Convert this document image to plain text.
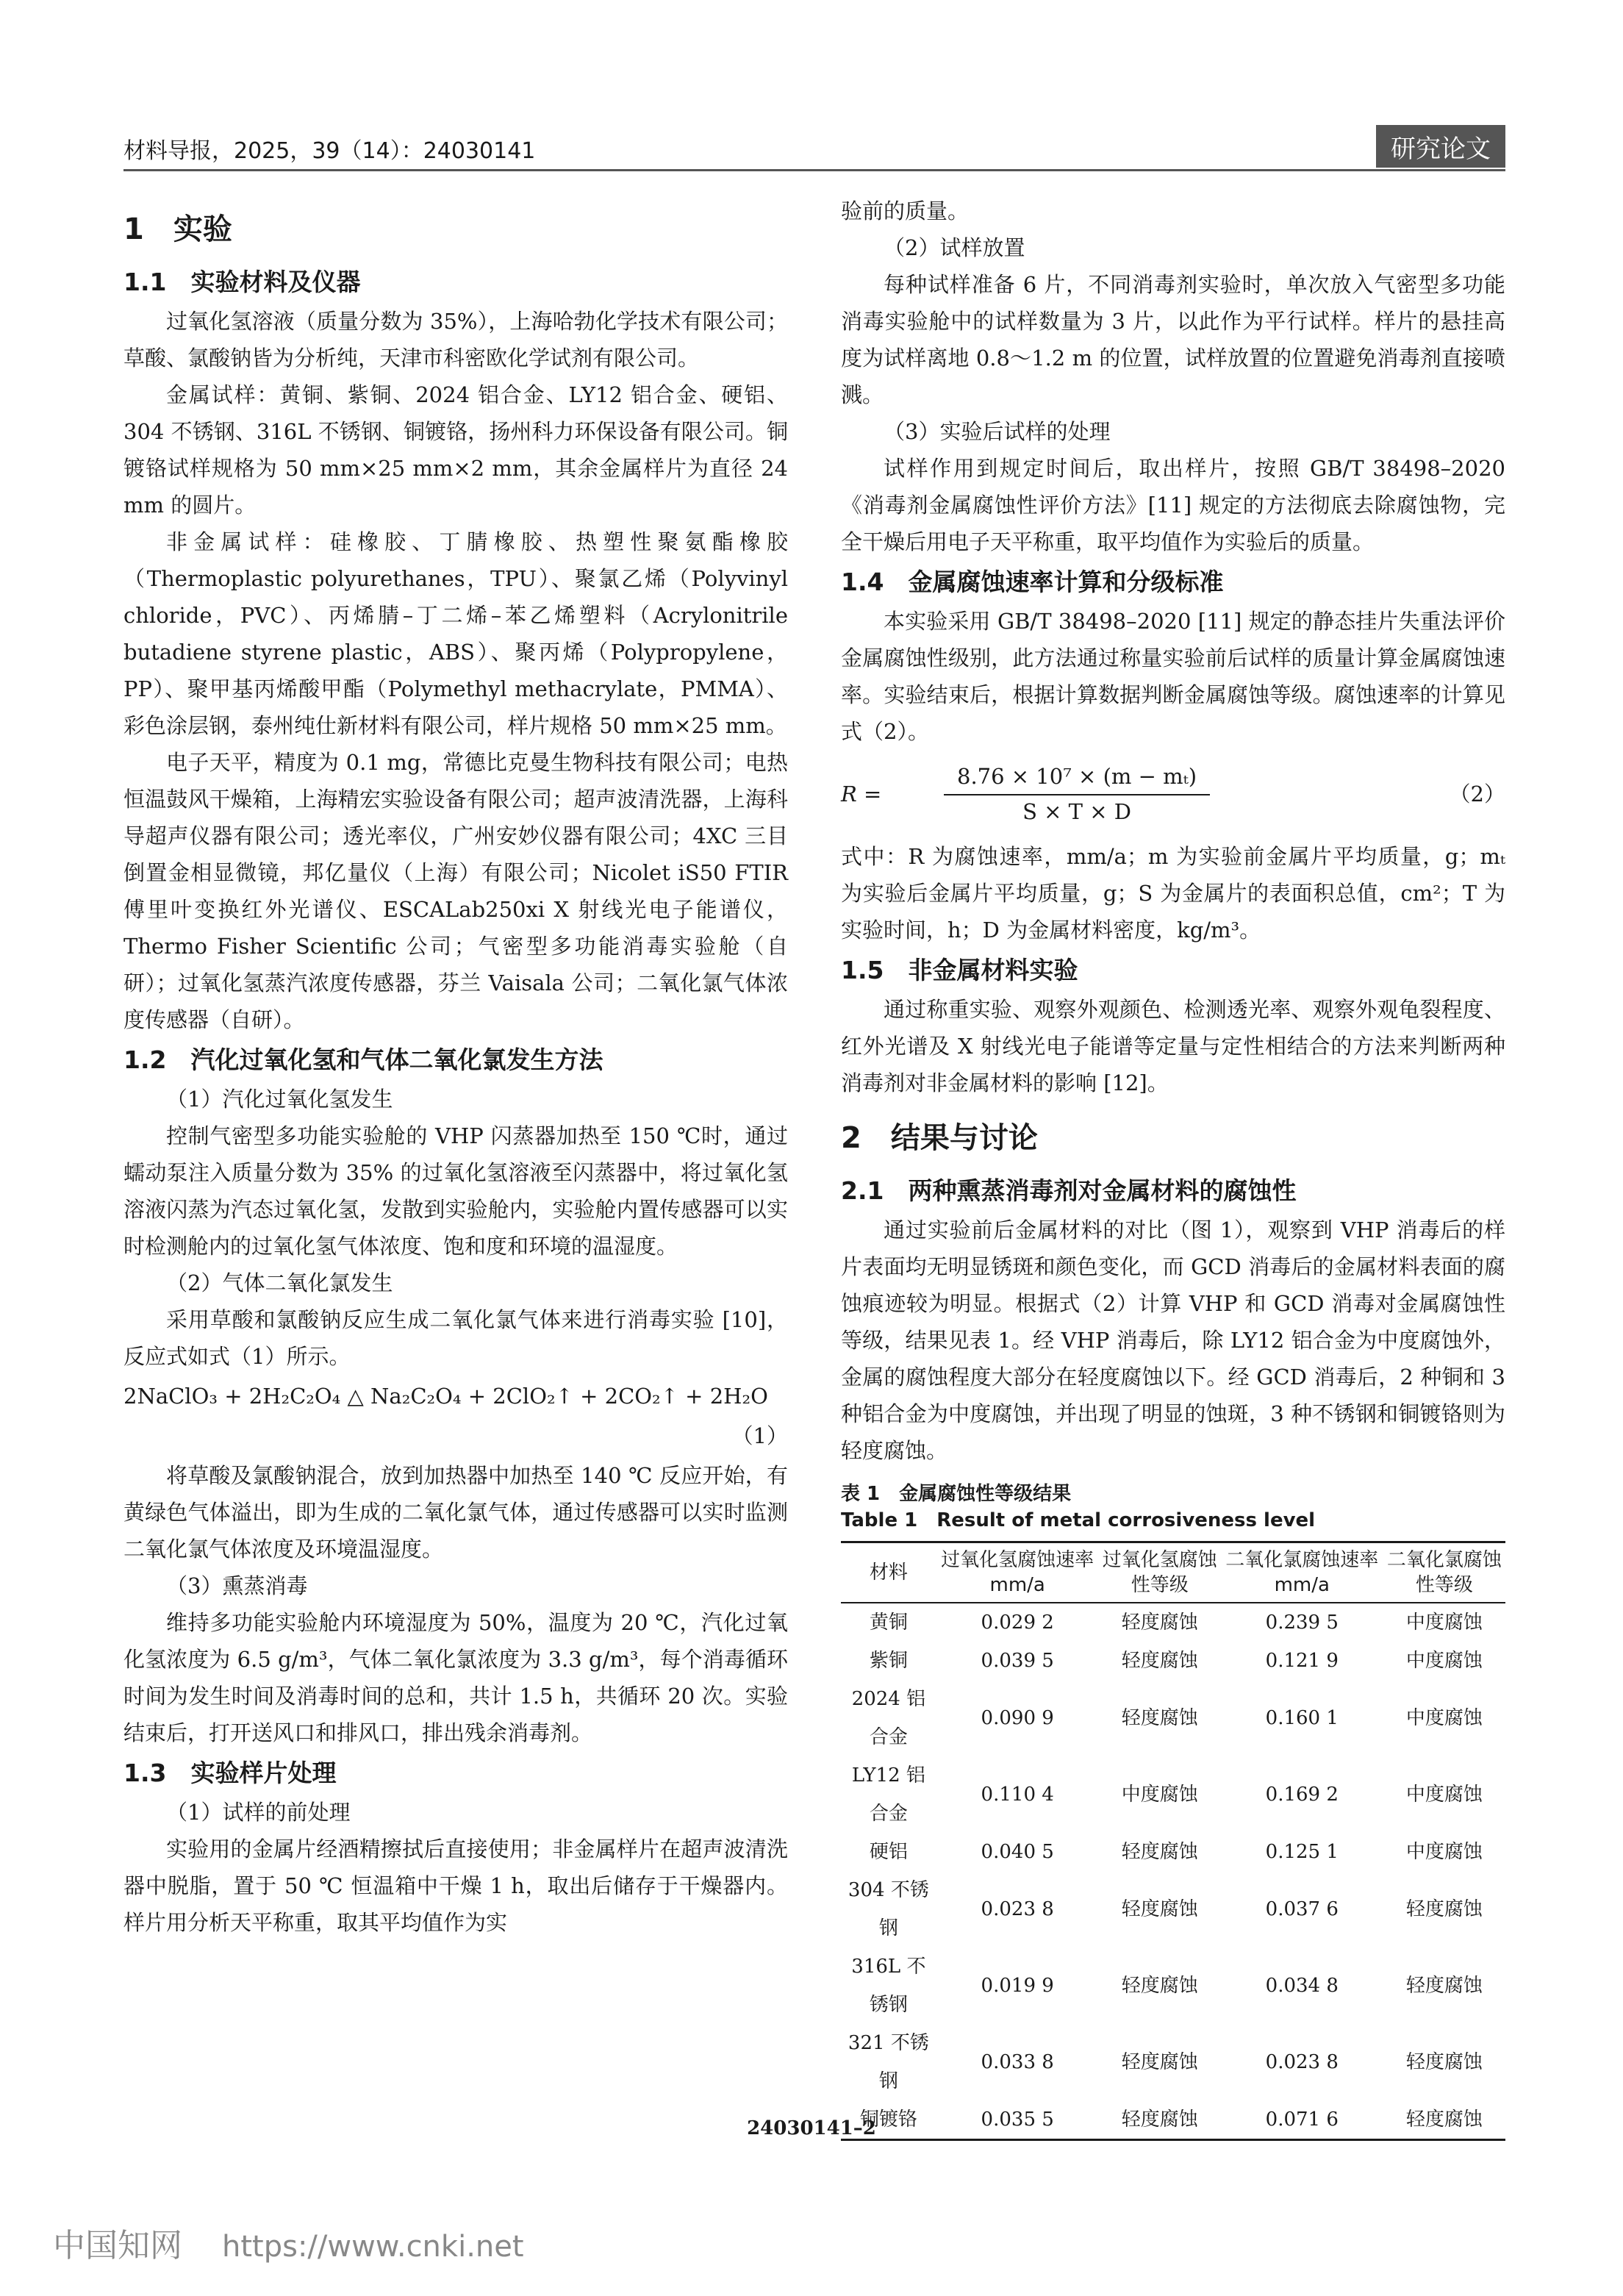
材料导报，2025，39（14）：24030141	研究论文
1　实验
1.1　实验材料及仪器

过氧化氢溶液（质量分数为 35%），上海哈勃化学技术有限公司；草酸、氯酸钠皆为分析纯，天津市科密欧化学试剂有限公司。

金属试样：黄铜、紫铜、2024 铝合金、LY12 铝合金、硬铝、304 不锈钢、316L 不锈钢、铜镀铬，扬州科力环保设备有限公司。铜镀铬试样规格为 50 mm×25 mm×2 mm，其余金属样片为直径 24 mm 的圆片。

非金属试样：硅橡胶、丁腈橡胶、热塑性聚氨酯橡胶（Thermoplastic polyurethanes，TPU）、聚氯乙烯（Polyvinyl chloride，PVC）、丙烯腈–丁二烯–苯乙烯塑料（Acrylonitrile butadiene styrene plastic，ABS）、聚丙烯（Polypropylene，PP）、聚甲基丙烯酸甲酯（Polymethyl methacrylate，PMMA）、彩色涂层钢，泰州纯仕新材料有限公司，样片规格 50 mm×25 mm。

电子天平，精度为 0.1 mg，常德比克曼生物科技有限公司；电热恒温鼓风干燥箱，上海精宏实验设备有限公司；超声波清洗器，上海科导超声仪器有限公司；透光率仪，广州安妙仪器有限公司；4XC 三目倒置金相显微镜，邦亿量仪（上海）有限公司；Nicolet iS50 FTIR 傅里叶变换红外光谱仪、ESCALab250xi X 射线光电子能谱仪，Thermo Fisher Scientific 公司；气密型多功能消毒实验舱（自研）；过氧化氢蒸汽浓度传感器，芬兰 Vaisala 公司；二氧化氯气体浓度传感器（自研）。

1.2　汽化过氧化氢和气体二氧化氯发生方法

（1）汽化过氧化氢发生

控制气密型多功能实验舱的 VHP 闪蒸器加热至 150 ℃时，通过蠕动泵注入质量分数为 35% 的过氧化氢溶液至闪蒸器中，将过氧化氢溶液闪蒸为汽态过氧化氢，发散到实验舱内，实验舱内置传感器可以实时检测舱内的过氧化氢气体浓度、饱和度和环境的温湿度。

（2）气体二氧化氯发生

采用草酸和氯酸钠反应生成二氧化氯气体来进行消毒实验 [10]，反应式如式（1）所示。

2NaClO₃ + 2H₂C₂O₄ △ Na₂C₂O₄ + 2ClO₂↑ + 2CO₂↑ + 2H₂O
（1）

将草酸及氯酸钠混合，放到加热器中加热至 140 ℃ 反应开始，有黄绿色气体溢出，即为生成的二氧化氯气体，通过传感器可以实时监测二氧化氯气体浓度及环境温湿度。

（3）熏蒸消毒

维持多功能实验舱内环境湿度为 50%，温度为 20 ℃，汽化过氧化氢浓度为 6.5 g/m³，气体二氧化氯浓度为 3.3 g/m³，每个消毒循环时间为发生时间及消毒时间的总和，共计 1.5 h，共循环 20 次。实验结束后，打开送风口和排风口，排出残余消毒剂。

1.3　实验样片处理

（1）试样的前处理

实验用的金属片经酒精擦拭后直接使用；非金属样片在超声波清洗器中脱脂，置于 50 ℃ 恒温箱中干燥 1 h，取出后储存于干燥器内。样片用分析天平称重，取其平均值作为实

验前的质量。

（2）试样放置

每种试样准备 6 片，不同消毒剂实验时，单次放入气密型多功能消毒实验舱中的试样数量为 3 片，以此作为平行试样。样片的悬挂高度为试样离地 0.8～1.2 m 的位置，试样放置的位置避免消毒剂直接喷溅。

（3）实验后试样的处理

试样作用到规定时间后，取出样片，按照 GB/T 38498–2020《消毒剂金属腐蚀性评价方法》[11] 规定的方法彻底去除腐蚀物，完全干燥后用电子天平称重，取平均值作为实验后的质量。

1.4　金属腐蚀速率计算和分级标准

本实验采用 GB/T 38498–2020 [11] 规定的静态挂片失重法评价金属腐蚀性级别，此方法通过称量实验前后试样的质量计算金属腐蚀速率。实验结束后，根据计算数据判断金属腐蚀等级。腐蚀速率的计算见式（2）。

R =	$\frac{\text{8.76 × 10⁷ × (m − mₜ)}}{S \times T \times D}$	（2）

式中：R 为腐蚀速率，mm/a；m 为实验前金属片平均质量，g；mₜ 为实验后金属片平均质量，g；S 为金属片的表面积总值，cm²；T 为实验时间，h；D 为金属材料密度，kg/m³。

1.5　非金属材料实验

通过称重实验、观察外观颜色、检测透光率、观察外观龟裂程度、红外光谱及 X 射线光电子能谱等定量与定性相结合的方法来判断两种消毒剂对非金属材料的影响 [12]。

2　结果与讨论
2.1　两种熏蒸消毒剂对金属材料的腐蚀性

通过实验前后金属材料的对比（图 1），观察到 VHP 消毒后的样片表面均无明显锈斑和颜色变化，而 GCD 消毒后的金属材料表面的腐蚀痕迹较为明显。根据式（2）计算 VHP 和 GCD 消毒对金属腐蚀性等级，结果见表 1。经 VHP 消毒后，除 LY12 铝合金为中度腐蚀外，金属的腐蚀程度大部分在轻度腐蚀以下。经 GCD 消毒后，2 种铜和 3 种铝合金为中度腐蚀，并出现了明显的蚀斑，3 种不锈钢和铜镀铬则为轻度腐蚀。

表 1　金属腐蚀性等级结果
Table 1　Result of metal corrosiveness level
材料	过氧化氢腐蚀速率 mm/a	过氧化氢腐蚀性等级	二氧化氯腐蚀速率 mm/a	二氧化氯腐蚀性等级
黄铜	0.029 2	轻度腐蚀	0.239 5	中度腐蚀
紫铜	0.039 5	轻度腐蚀	0.121 9	中度腐蚀
2024 铝合金	0.090 9	轻度腐蚀	0.160 1	中度腐蚀
LY12 铝合金	0.110 4	中度腐蚀	0.169 2	中度腐蚀
硬铝	0.040 5	轻度腐蚀	0.125 1	中度腐蚀
304 不锈钢	0.023 8	轻度腐蚀	0.037 6	轻度腐蚀
316L 不锈钢	0.019 9	轻度腐蚀	0.034 8	轻度腐蚀
321 不锈钢	0.033 8	轻度腐蚀	0.023 8	轻度腐蚀
铜镀铬	0.035 5	轻度腐蚀	0.071 6	轻度腐蚀
24030141–2
中国知网 https://www.cnki.net
